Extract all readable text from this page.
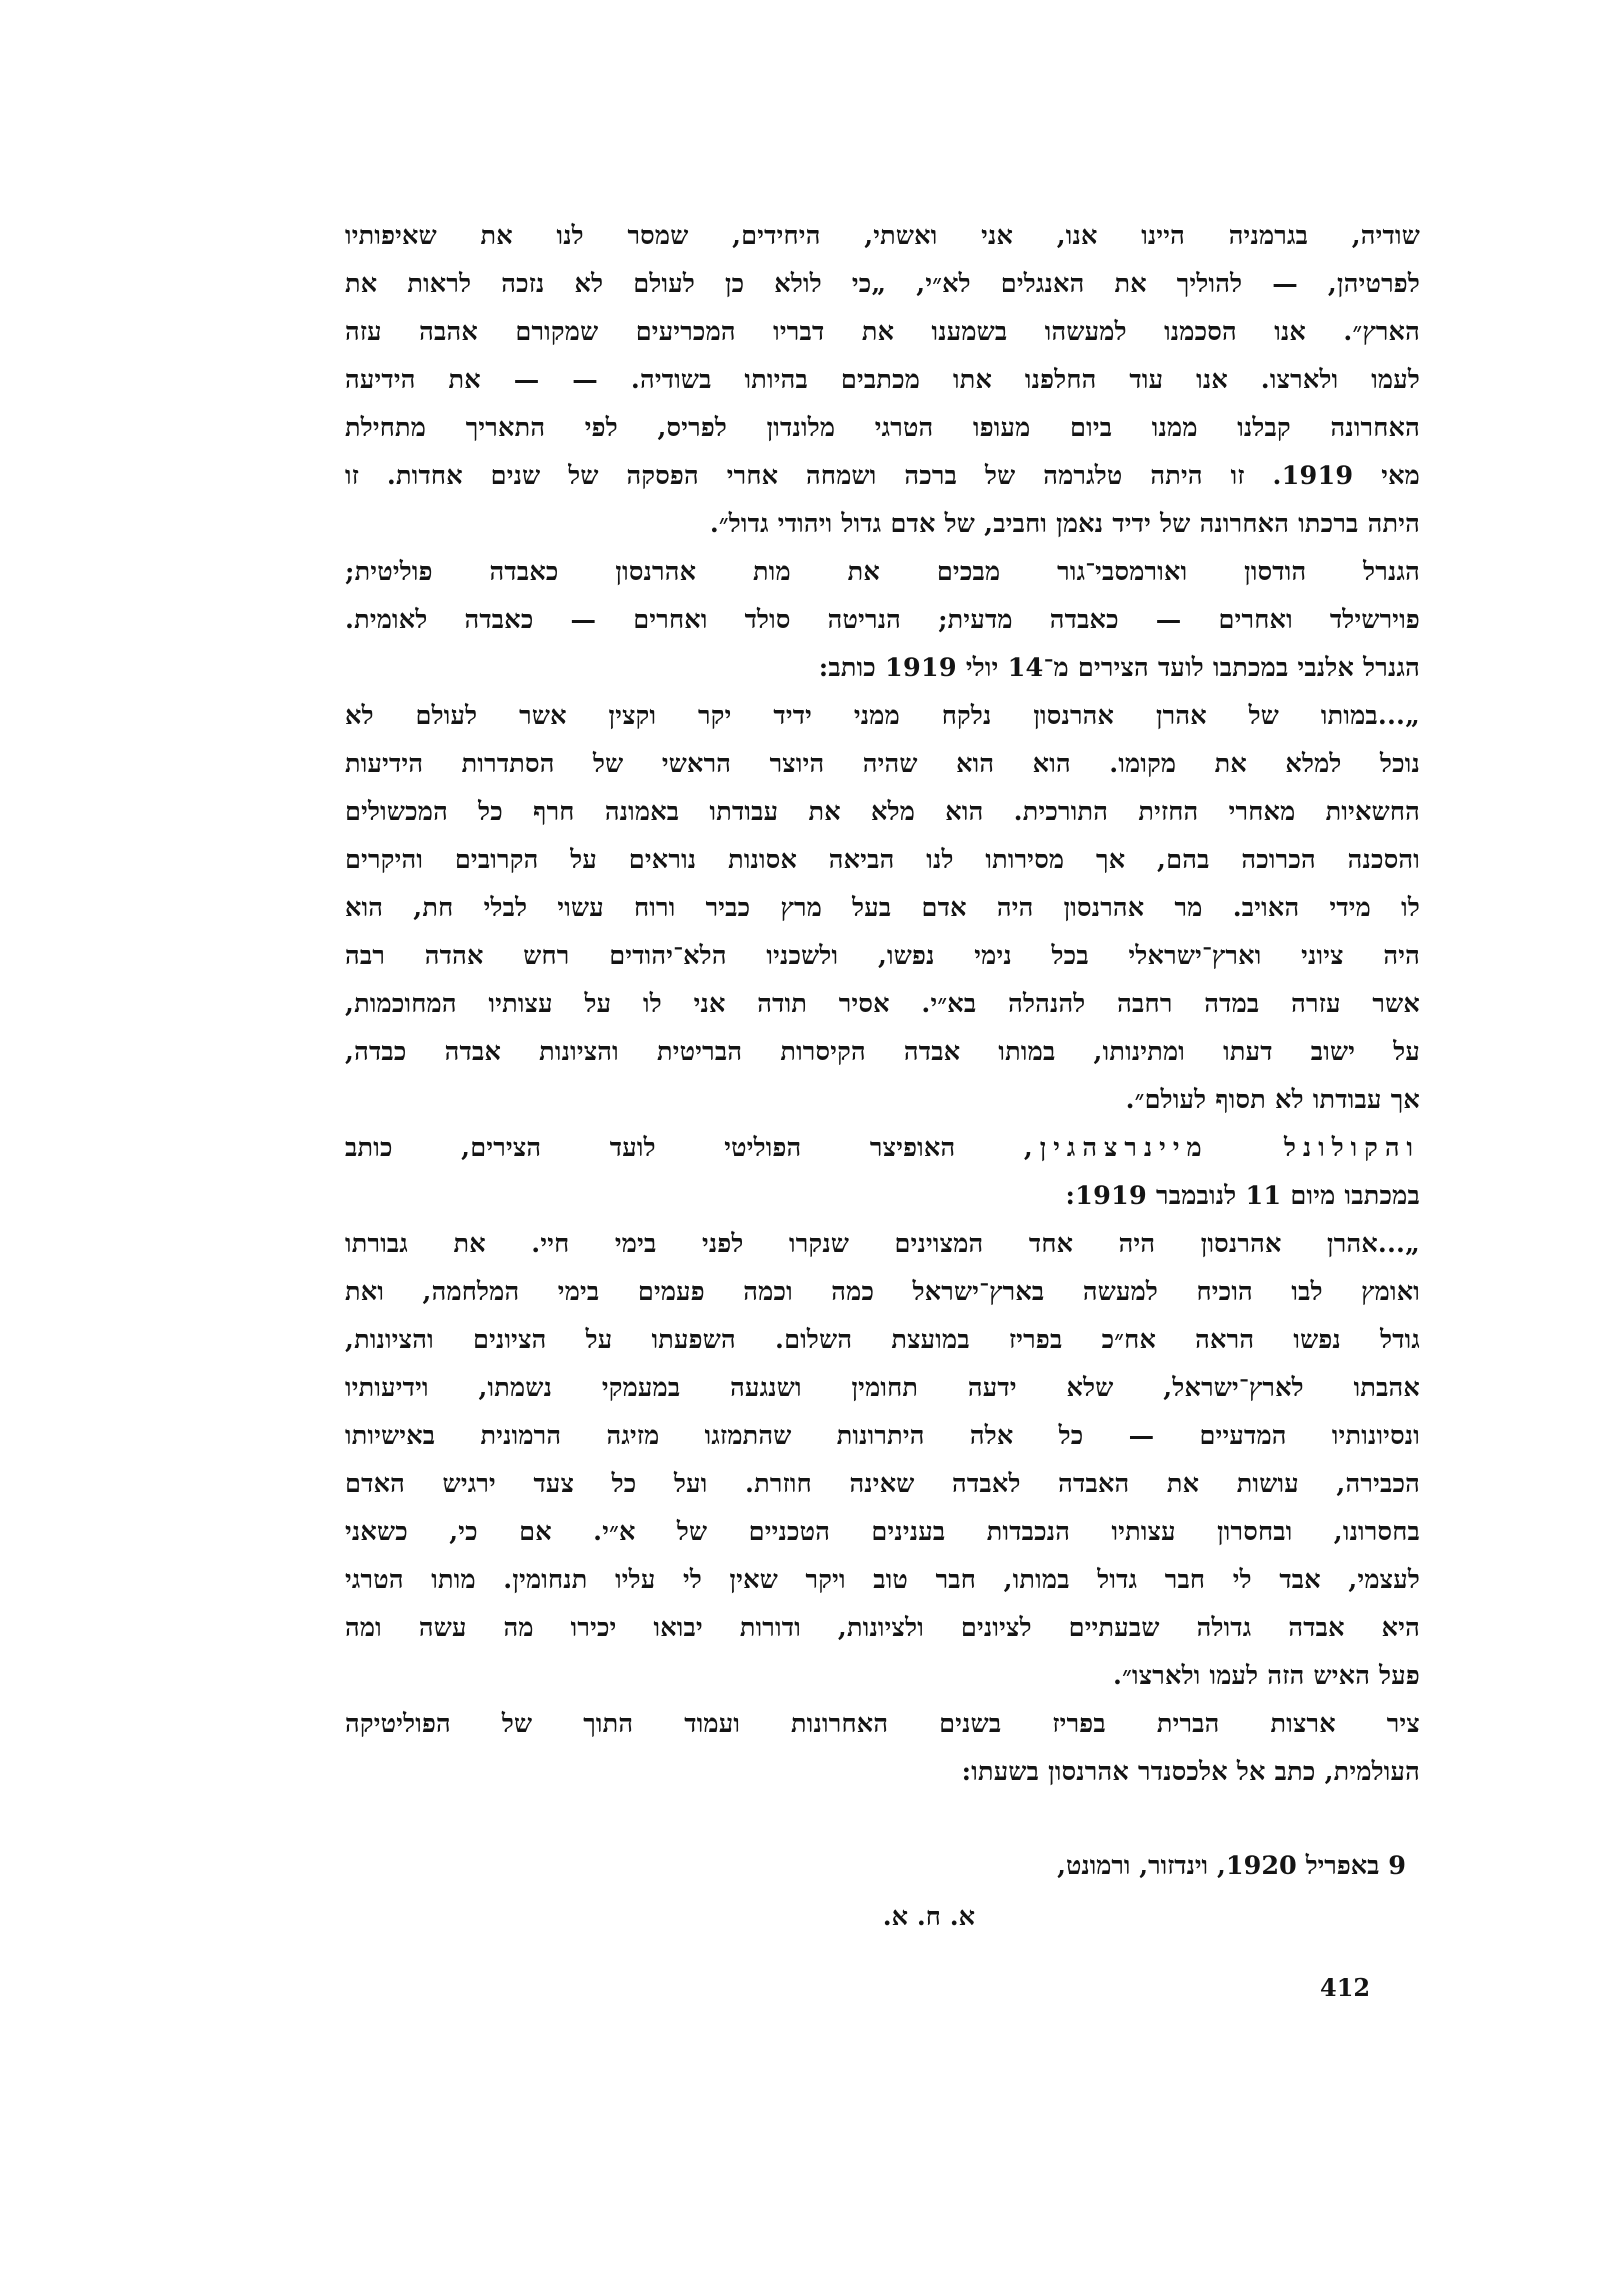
שודיה, בגרמניה היינו אנו, אני ואשתי, היחידים, שמסר לנו את שאיפותיו
לפרטיהן, — להוליך את האנגלים לא״י, „כי לולא כן לעולם לא נזכה לראות את
הארץ״. אנו הסכמנו למעשהו בשמענו את דבריו המכריעים שמקורם אהבה עזה
לעמו ולארצו. אנו עוד החלפנו אתו מכתבים בהיותו בשודיה. — — את הידיעה
האחרונה קבלנו ממנו ביום מעופו הטרגי מלונדון לפריס, לפי התאריך מתחילת
מאי 1919. זו היתה טלגרמה של ברכה ושמחה אחרי הפסקה של שנים אחדות. זו
היתה ברכתו האחרונה של ידיד נאמן וחביב, של אדם גדול ויהודי גדול״.
הגנרל הודסון ואורמסבי־גור מבכים את מות אהרנסון כאבדה פוליטית;
פוירשילד ואחרים — כאבדה מדעית; הנריטה סולד ואחרים — כאבדה לאומית.
הגנרל אלנבי במכתבו לועד הצירים מ־14 יולי 1919 כותב:
„...במותו של אהרן אהרנסון נלקח ממני ידיד יקר וקצין אשר לעולם לא
נוכל למלא את מקומו. הוא הוא שהיה היוצר הראשי של הסתדרות הידיעות
החשאיות מאחרי החזית התורכית. הוא מלא את עבודתו באמונה חרף כל המכשולים
והסכנה הכרוכה בהם, אך מסירותו לנו הביאה אסונות נוראים על הקרובים והיקרים
לו מידי האויב. מר אהרנסון היה אדם בעל מרץ כביר ורוח עשוי לבלי חת, הוא
היה ציוני וארץ־ישראלי בכל נימי נפשו, ולשכניו הלא־יהודים רחש אהדה רבה
אשר עזרה במדה רחבה להנהלה בא״י. אסיר תודה אני לו על עצותיו המחוכמות,
על ישוב דעתו ומתינותו, במותו אבדה הקיסרות הבריטית והציונות אבדה כבדה,
אך עבודתו לא תסוף לעולם״.
והקולונל מיינרצהגין, האופיצר הפוליטי לועד הצירים, כותב
במכתבו מיום 11 לנובמבר 1919:
„...אהרן אהרנסון היה אחד המצוינים שנקרו לפני בימי חיי. את גבורתו
ואומץ לבו הוכיח למעשה בארץ־ישראל כמה וכמה פעמים בימי המלחמה, ואת
גודל נפשו הראה אח״כ בפריז במועצת השלום. השפעתו על הציונים והציונות,
אהבתו לארץ־ישראל, שלא ידעה תחומין ושנגעה במעמקי נשמתו, וידיעותיו
ונסיונותיו המדעיים — כל אלה היתרונות שהתמזגו מזיגה הרמונית באישיותו
הכבירה, עושות את האבדה לאבדה שאינה חוזרת. ועל כל צעד ירגיש האדם
בחסרונו, ובחסרון עצותיו הנכבדות בענינים הטכניים של א״י. אם כי, כשאני
לעצמי, אבד לי חבר גדול במותו, חבר טוב ויקר שאין לי עליו תנחומין. מותו הטרגי
היא אבדה גדולה שבעתיים לציונים ולציונות, ודורות יבואו יכירו מה עשה ומה
פעל האיש הזה לעמו ולארצו״.
ציר ארצות הברית בפריז בשנים האחרונות ועמוד התוך של הפוליטיקה
העולמית, כתב אל אלכסנדר אהרנסון בשעתו:
9 באפריל 1920, וינדזור, ורמונט,
א. ח. א.
412
